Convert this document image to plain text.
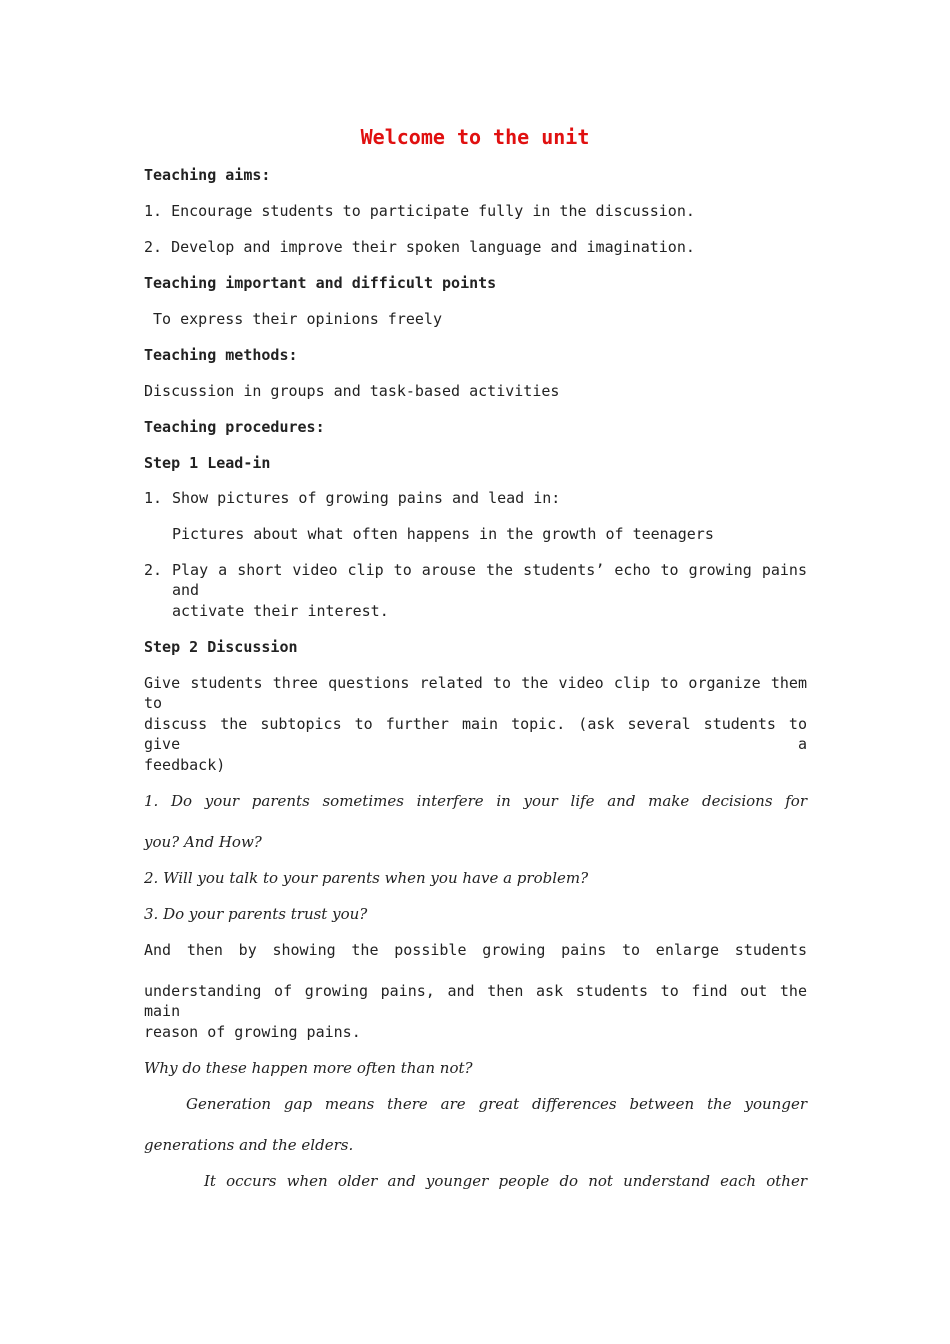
Welcome to the unit
Teaching aims:
1. Encourage students to participate fully in the discussion.
2. Develop and improve their spoken language and imagination.
Teaching important and difficult points
To express their opinions freely
Teaching methods:
Discussion in groups and task-based activities
Teaching procedures:
Step 1 Lead-in
1. Show pictures of growing pains and lead in:
Pictures about what often happens in the growth of teenagers
2. Play a short video clip to arouse the students’ echo to growing pains and
activate their interest.
Step 2 Discussion
Give students three questions related to the video clip to organize them to
discuss the subtopics to further main topic. (ask several students to give a
feedback)
1. Do your parents sometimes interfere in your life and make decisions for
you? And How?
2. Will you talk to your parents when you have a problem?
3. Do your parents trust you?
And then by showing the possible growing pains to enlarge students
understanding of growing pains, and then ask students to find out the main
reason of growing pains.
Why do these happen more often than not?
Generation gap means there are great differences between the younger
generations and the elders.
It occurs when older and younger people do not understand each other
